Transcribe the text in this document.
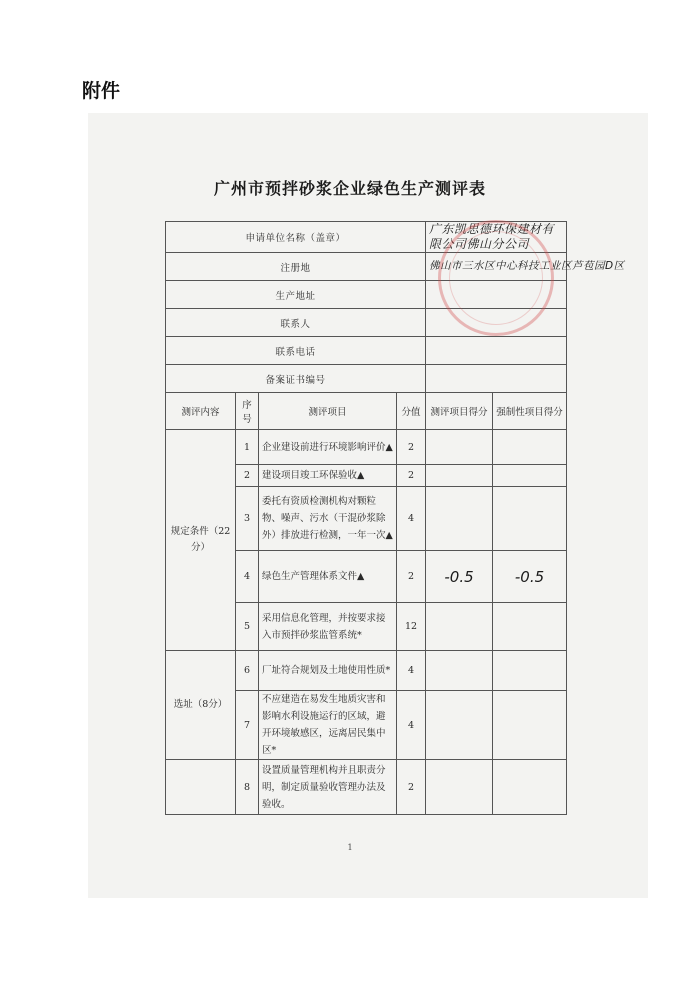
附件
广州市预拌砂浆企业绿色生产测评表
申请单位名称（盖章）				广东凯思德环保建材有限公司佛山分公司	
注册地				佛山市三水区中心科技工业区芦苞园D区	
生产地址					
联系人					
联系电话					
备案证书编号					
测评内容	序号	测评项目	分值	测评项目得分	强制性项目得分
规定条件（22分）	1	企业建设前进行环境影响评价▲	2		
	2	建设项目竣工环保验收▲	2		
	3	委托有资质检测机构对颗粒物、噪声、污水（干混砂浆除外）排放进行检测，一年一次▲	4		
	4	绿色生产管理体系文件▲	2	-0.5	-0.5
	5	采用信息化管理，并按要求接入市预拌砂浆监管系统*	12		
选址（8分）	6	厂址符合规划及土地使用性质*	4		
	7	不应建造在易发生地质灾害和影响水利设施运行的区域，避开环境敏感区，远离居民集中区*	4		
	8	设置质量管理机构并且职责分明，制定质量验收管理办法及验收。	2		
1
